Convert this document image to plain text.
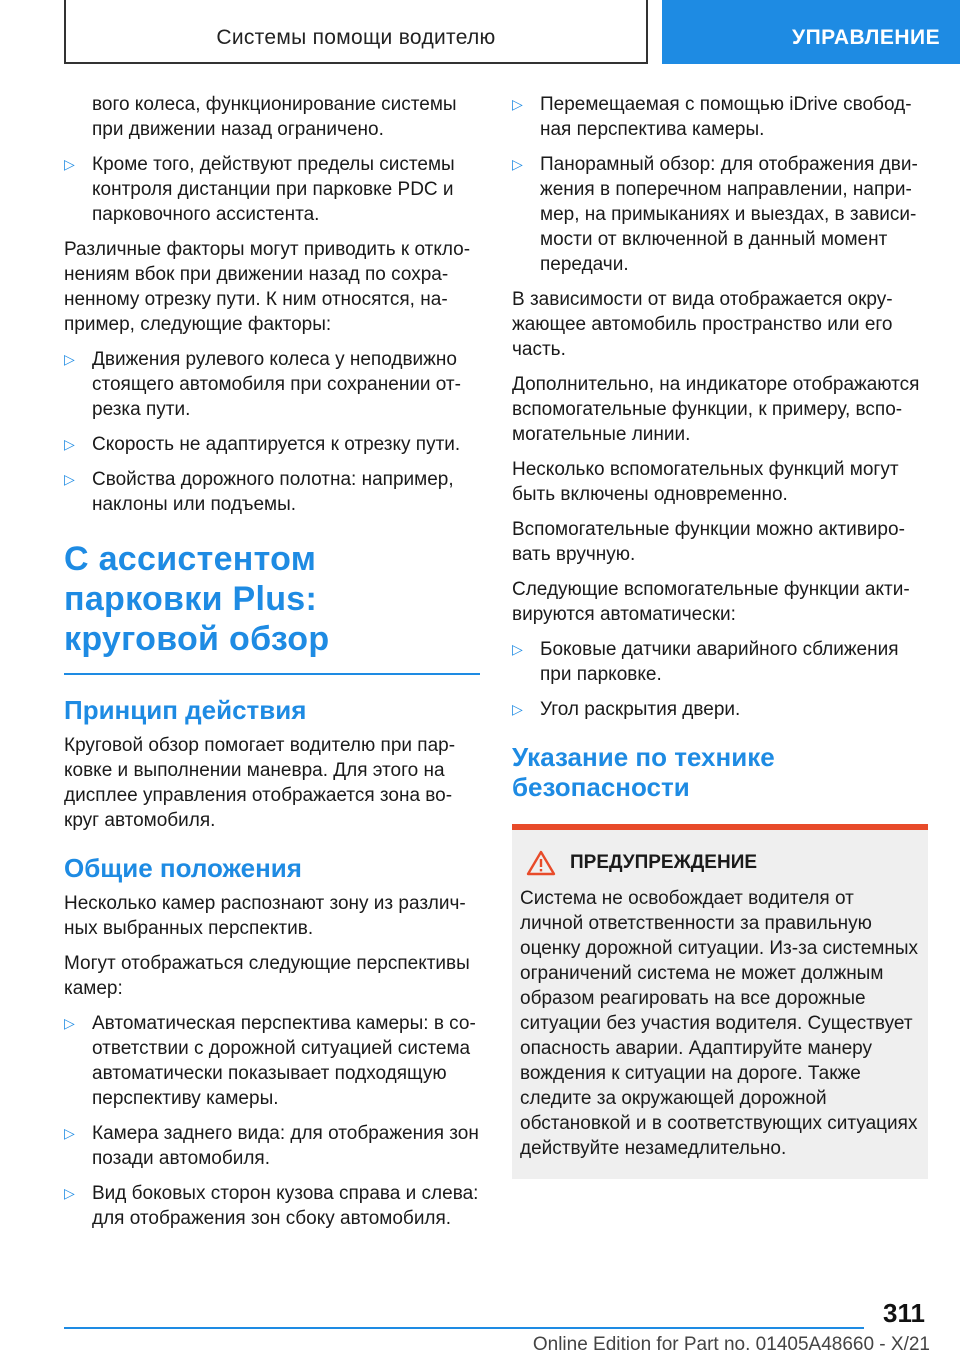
Системы помощи водителю	УПРАВЛЕНИЕ

вого колеса, функционирование системы при движении назад ограничено.

▷ Кроме того, действуют пределы системы контроля дистанции при парковке PDC и парковочного ассистента.

Различные факторы могут приводить к отклонениям вбок при движении назад по сохраненному отрезку пути. К ним относятся, например, следующие факторы:

▷ Движения рулевого колеса у неподвижно стоящего автомобиля при сохранении отрезка пути.
▷ Скорость не адаптируется к отрезку пути.
▷ Свойства дорожного полотна: например, наклоны или подъемы.
С ассистентом парковки Plus: круговой обзор
Принцип действия

Круговой обзор помогает водителю при парковке и выполнении маневра. Для этого на дисплее управления отображается зона вокруг автомобиля.

Общие положения

Несколько камер распознают зону из различных выбранных перспектив.

Могут отображаться следующие перспективы камер:

▷ Автоматическая перспектива камеры: в соответствии с дорожной ситуацией система автоматически показывает подходящую перспективу камеры.
▷ Камера заднего вида: для отображения зон позади автомобиля.
▷ Вид боковых сторон кузова справа и слева: для отображения зон сбоку автомобиля.
▷ Перемещаемая с помощью iDrive свободная перспектива камеры.
▷ Панорамный обзор: для отображения движения в поперечном направлении, например, на примыканиях и выездах, в зависимости от включенной в данный момент передачи.

В зависимости от вида отображается окружающее автомобиль пространство или его часть.

Дополнительно, на индикаторе отображаются вспомогательные функции, к примеру, вспомогательные линии.

Несколько вспомогательных функций могут быть включены одновременно.

Вспомогательные функции можно активировать вручную.

Следующие вспомогательные функции активируются автоматически:

▷ Боковые датчики аварийного сближения при парковке.
▷ Угол раскрытия двери.
Указание по технике безопасности
ПРЕДУПРЕЖДЕНИЕ

Система не освобождает водителя от личной ответственности за правильную оценку дорожной ситуации. Из-за системных ограничений система не может должным образом реагировать на все дорожные ситуации без участия водителя. Существует опасность аварии. Адаптируйте манеру вождения к ситуации на дороге. Также следите за окружающей дорожной обстановкой и в соответствующих ситуациях действуйте незамедлительно.

311
Online Edition for Part no. 01405A48660 - X/21
